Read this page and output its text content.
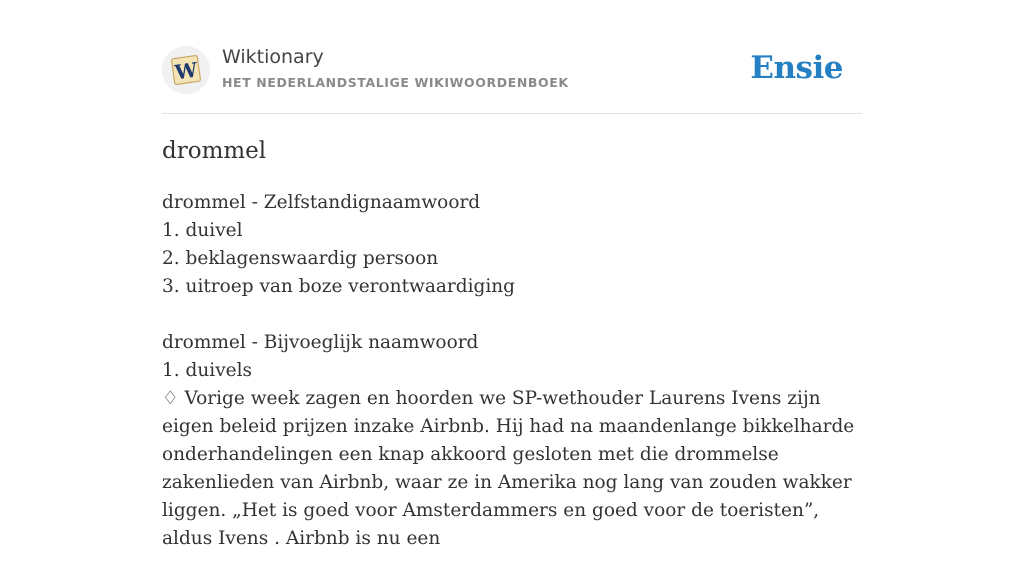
W
Wiktionary
HET NEDERLANDSTALIGE WIKIWOORDENBOEK	Ensie
drommel
drommel - Zelfstandignaamwoord
1. duivel
2. beklagenswaardig persoon
3. uitroep van boze verontwaardiging
drommel - Bijvoeglijk naamwoord
1. duivels
♢ Vorige week zagen en hoorden we SP-wethouder Laurens Ivens zijn eigen beleid prijzen inzake Airbnb. Hij had na maandenlange bikkelharde onderhandelingen een knap akkoord gesloten met die drommelse zakenlieden van Airbnb, waar ze in Amerika nog lang van zouden wakker liggen. „Het is goed voor Amsterdammers en goed voor de toeristen”, aldus Ivens . Airbnb is nu een
